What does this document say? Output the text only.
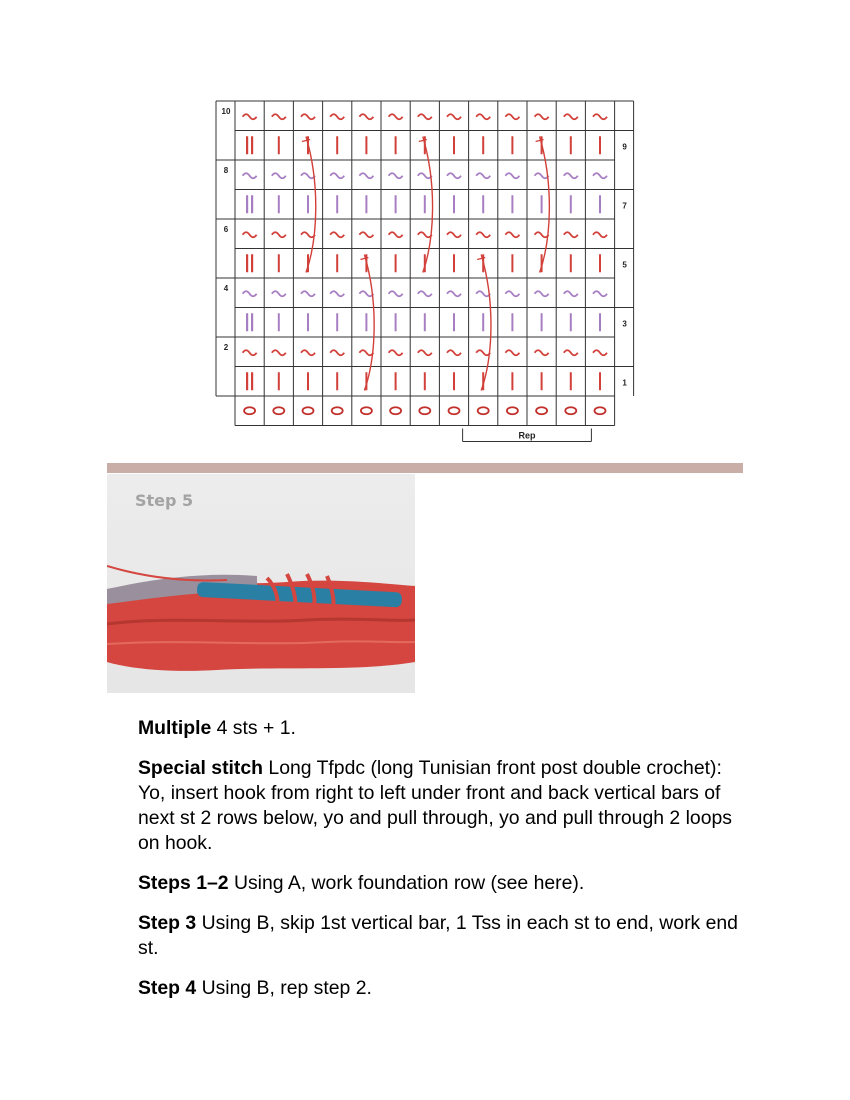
10
8
6
4
2
9
7
5
3
1
Rep
Step 5

Multiple 4 sts + 1.

Special stitch Long Tfpdc (long Tunisian front post double crochet): Yo, insert hook from right to left under front and back vertical bars of next st 2 rows below, yo and pull through, yo and pull through 2 loops on hook.

Steps 1–2 Using A, work foundation row (see here).

Step 3 Using B, skip 1st vertical bar, 1 Tss in each st to end, work end st.

Step 4 Using B, rep step 2.
